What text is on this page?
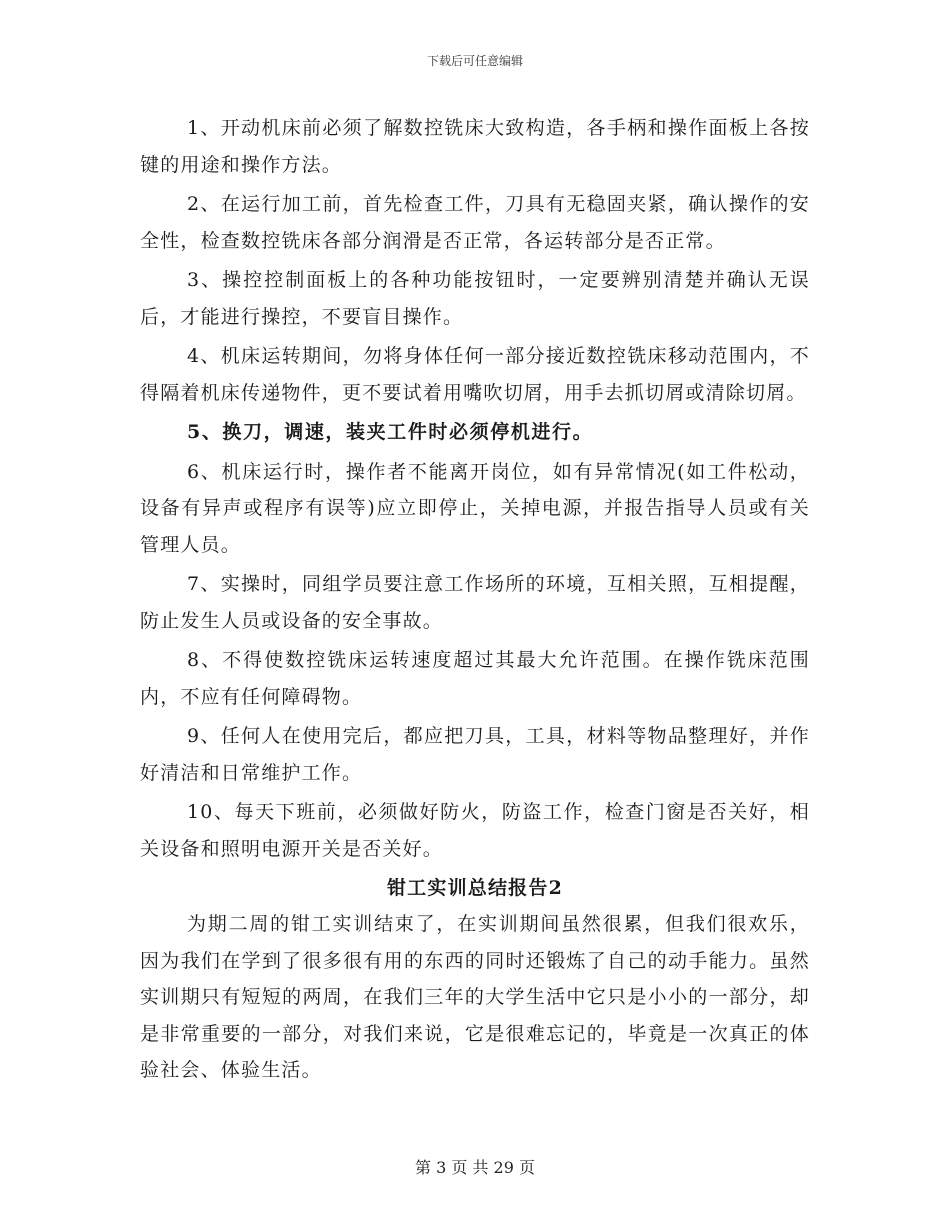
下载后可任意编辑

1、开动机床前必须了解数控铣床大致构造，各手柄和操作面板上各按键的用途和操作方法。

2、在运行加工前，首先检查工件，刀具有无稳固夹紧，确认操作的安全性，检查数控铣床各部分润滑是否正常，各运转部分是否正常。

3、操控控制面板上的各种功能按钮时，一定要辨别清楚并确认无误后，才能进行操控，不要盲目操作。

4、机床运转期间，勿将身体任何一部分接近数控铣床移动范围内，不得隔着机床传递物件，更不要试着用嘴吹切屑，用手去抓切屑或清除切屑。

5、换刀，调速，装夹工件时必须停机进行。

6、机床运行时，操作者不能离开岗位，如有异常情况(如工件松动，设备有异声或程序有误等)应立即停止，关掉电源，并报告指导人员或有关管理人员。

7、实操时，同组学员要注意工作场所的环境，互相关照，互相提醒，防止发生人员或设备的安全事故。

8、不得使数控铣床运转速度超过其最大允许范围。在操作铣床范围内，不应有任何障碍物。

9、任何人在使用完后，都应把刀具，工具，材料等物品整理好，并作好清洁和日常维护工作。

10、每天下班前，必须做好防火，防盗工作，检查门窗是否关好，相关设备和照明电源开关是否关好。

钳工实训总结报告2

为期二周的钳工实训结束了，在实训期间虽然很累，但我们很欢乐，因为我们在学到了很多很有用的东西的同时还锻炼了自己的动手能力。虽然实训期只有短短的两周，在我们三年的大学生活中它只是小小的一部分，却是非常重要的一部分，对我们来说，它是很难忘记的，毕竟是一次真正的体验社会、体验生活。

第 3 页 共 29 页
